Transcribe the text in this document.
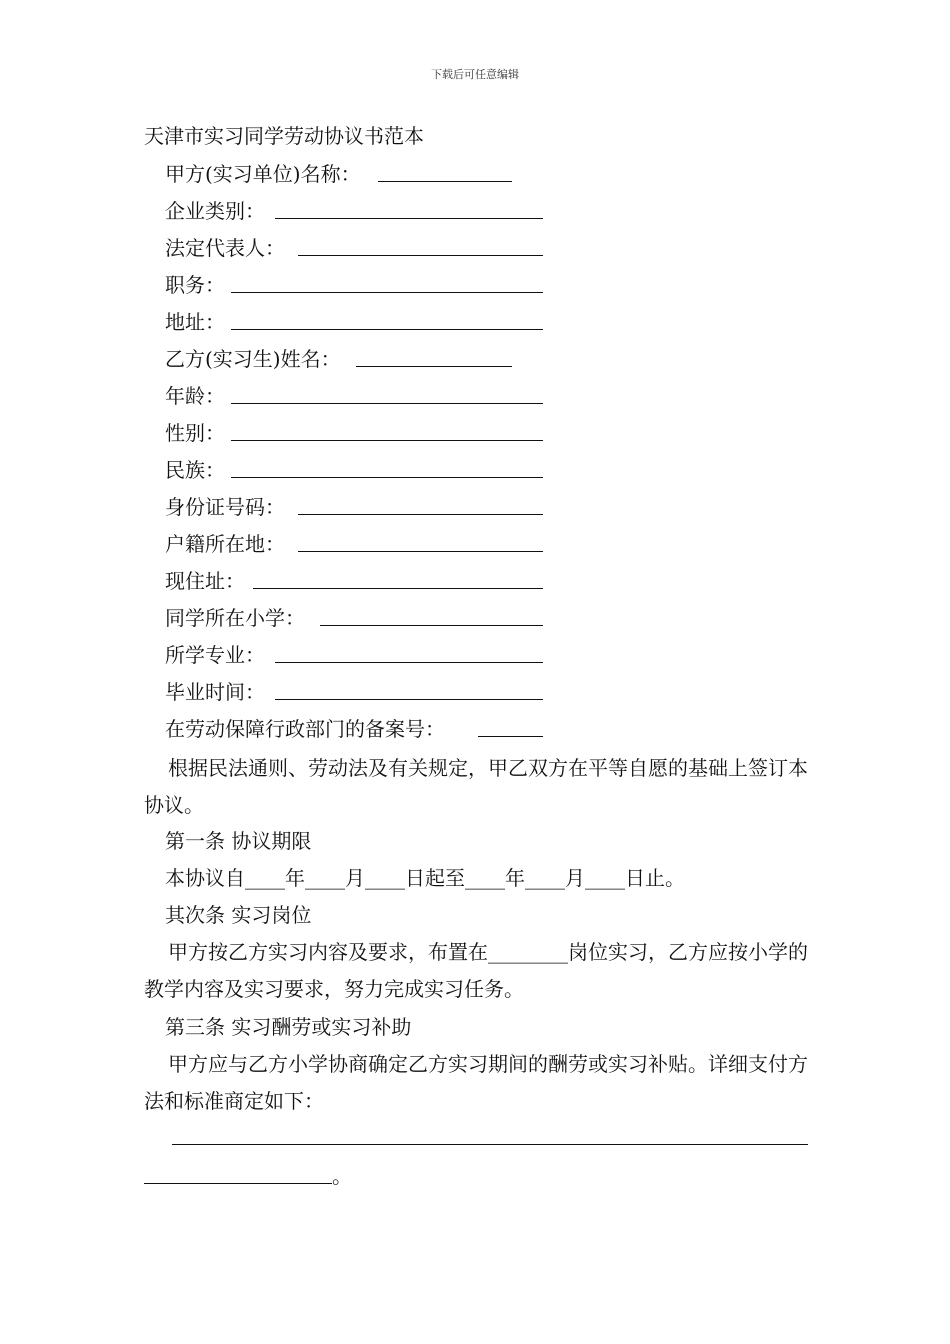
下载后可任意编辑
天津市实习同学劳动协议书范本
甲方(实习单位)名称：
企业类别：
法定代表人：
职务：
地址：
乙方(实习生)姓名：
年龄：
性别：
民族：
身份证号码：
户籍所在地：
现住址：
同学所在小学：
所学专业：
毕业时间：
在劳动保障行政部门的备案号：
根据民法通则、劳动法及有关规定，甲乙双方在平等自愿的基础上签订本协议。
第一条 协议期限
本协议自____年____月____日起至____年____月____日止。
其次条 实习岗位
甲方按乙方实习内容及要求，布置在________岗位实习，乙方应按小学的教学内容及实习要求，努力完成实习任务。
第三条 实习酬劳或实习补助
甲方应与乙方小学协商确定乙方实习期间的酬劳或实习补贴。详细支付方法和标准商定如下：
。
